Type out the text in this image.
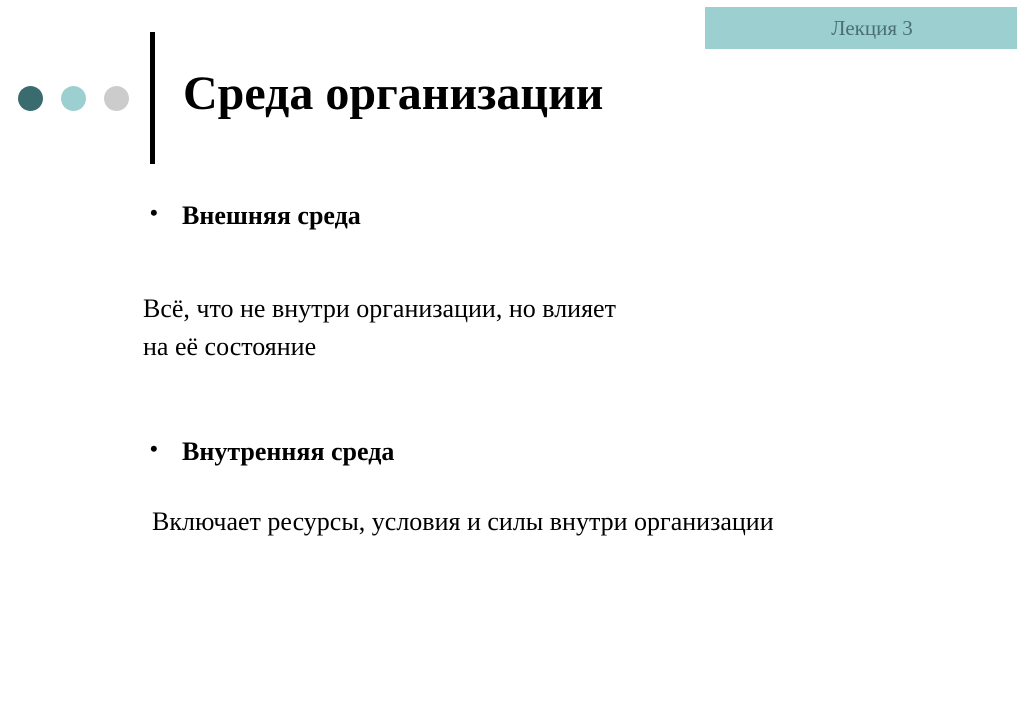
Лекция 3
Среда организации
• Внешняя среда
Всё, что не внутри организации, но влияет
на её состояние
• Внутренняя среда
Включает ресурсы, условия и силы внутри организации
